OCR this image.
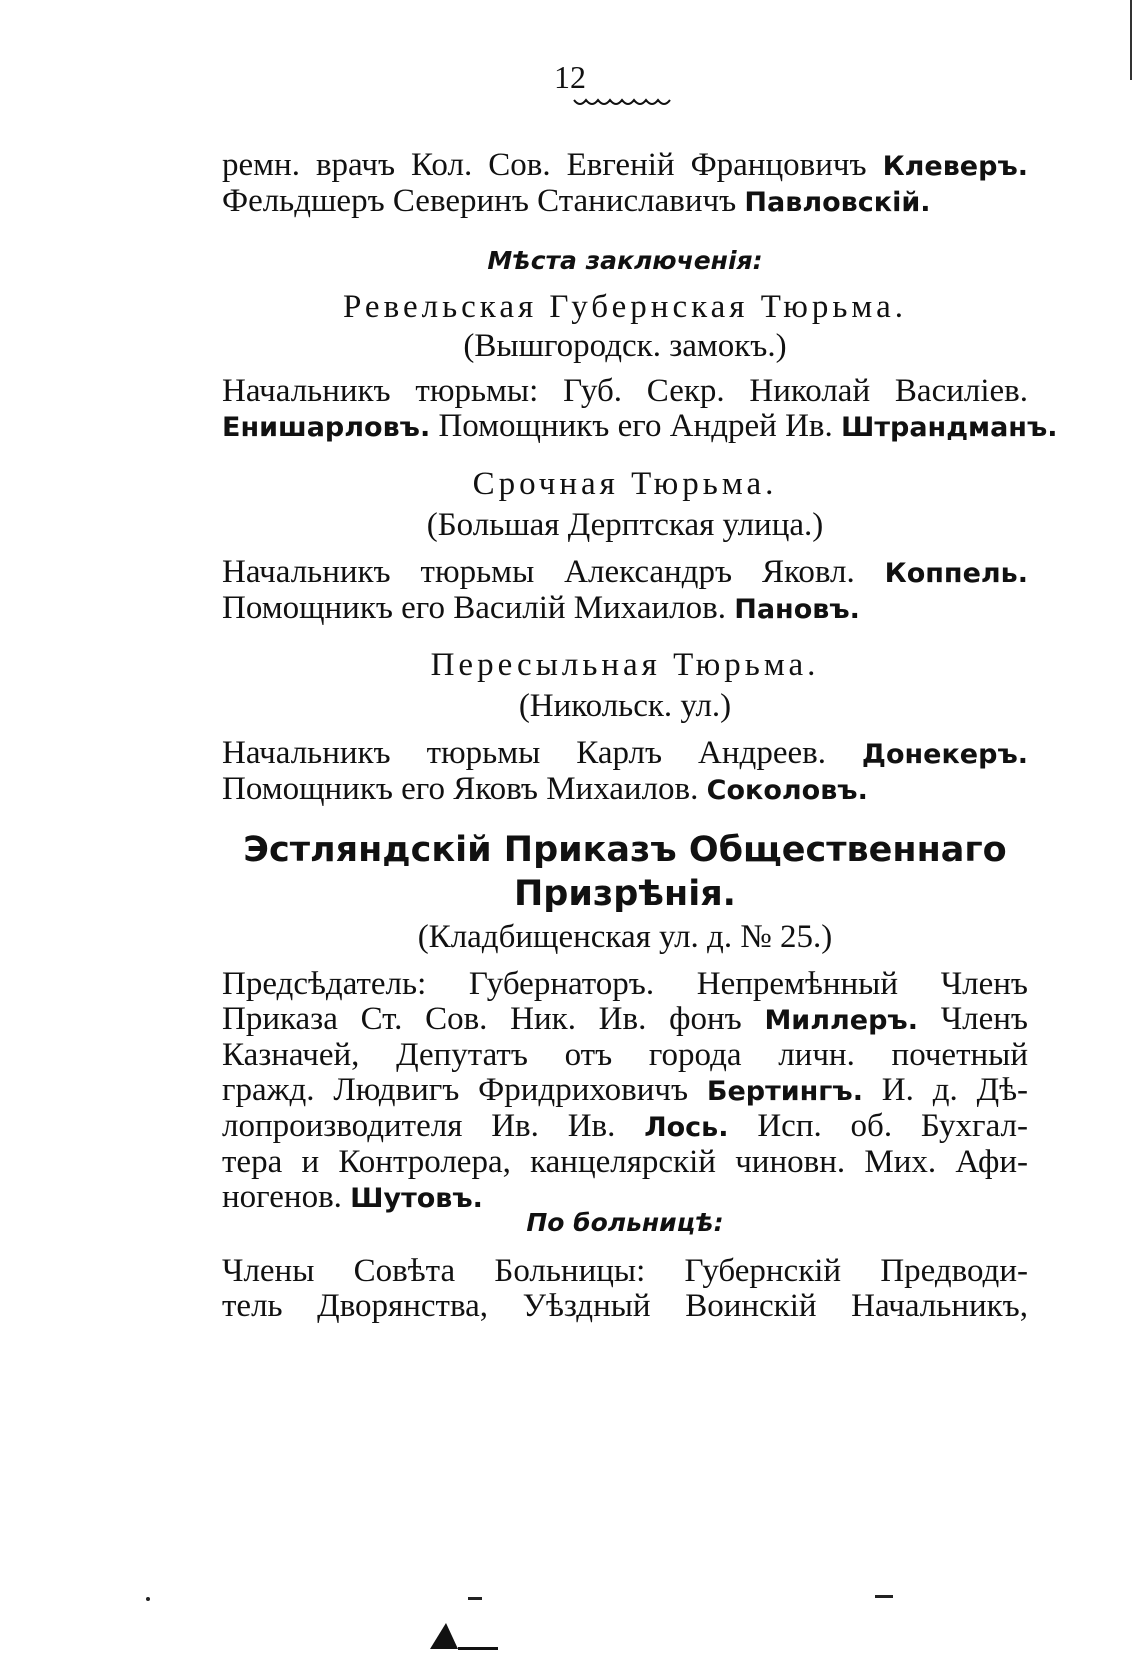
12
ремн. врачъ Кол. Сов. Евгеній Францовичъ Клеверъ.
Фельдшеръ Северинъ Станиславичъ Павловскій.
Мѣста заключенія:
Ревельская Губернская Тюрьма.
(Вышгородск. замокъ.)
Начальникъ тюрьмы: Губ. Секр. Николай Василіев.
Енишарловъ. Помощникъ его Андрей Ив. Штрандманъ.
Срочная Тюрьма.
(Большая Дерптская улица.)
Начальникъ тюрьмы Александръ Яковл. Коппель.
Помощникъ его Василій Михаилов. Пановъ.
Пересыльная Тюрьма.
(Никольск. ул.)
Начальникъ тюрьмы Карлъ Андреев. Донекеръ.
Помощникъ его Яковъ Михаилов. Соколовъ.
Эстляндскій Приказъ Общественнаго
Призрѣнія.
(Кладбищенская ул. д. № 25.)
Предсѣдатель: Губернаторъ. Непремѣнный Членъ
Приказа Ст. Сов. Ник. Ив. фонъ Миллеръ. Членъ
Казначей, Депутатъ отъ города личн. почетный
гражд. Людвигъ Фридриховичъ Бертингъ. И. д. Дѣ-
лопроизводителя Ив. Ив. Лось. Исп. об. Бухгал-
тера и Контролера, канцелярскій чиновн. Мих. Афи-
ногенов. Шутовъ.
По больницѣ:
Члены Совѣта Больницы: Губернскій Предводи-
тель Дворянства, Уѣздный Воинскій Начальникъ,
